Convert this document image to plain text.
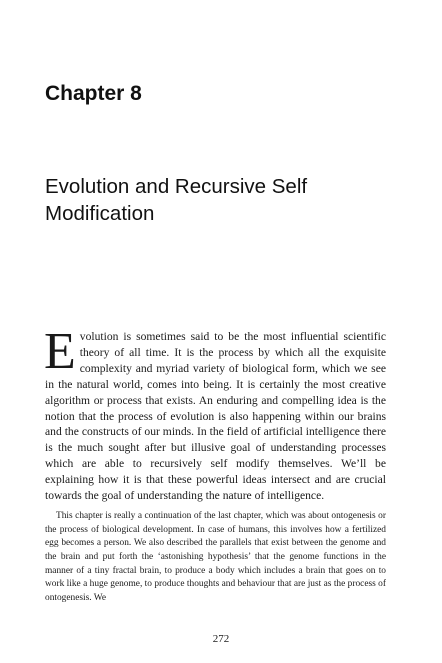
Chapter 8
Evolution and Recursive Self Modification

Evolution is sometimes said to be the most influential scientific theory of all time. It is the process by which all the exquisite complexity and myriad variety of biological form, which we see in the natural world, comes into being. It is certainly the most creative algorithm or process that exists. An enduring and compelling idea is the notion that the process of evolution is also happening within our brains and the constructs of our minds. In the field of artificial intelligence there is the much sought after but illusive goal of understanding processes which are able to recursively self modify themselves. We’ll be explaining how it is that these powerful ideas intersect and are crucial towards the goal of understanding the nature of intelligence.

This chapter is really a continuation of the last chapter, which was about ontogenesis or the process of biological development. In case of humans, this involves how a fertilized egg becomes a person. We also described the parallels that exist between the genome and the brain and put forth the ‘astonishing hypothesis’ that the genome functions in the manner of a tiny fractal brain, to produce a body which includes a brain that goes on to work like a huge genome, to produce thoughts and behaviour that are just as the process of ontogenesis. We

272
